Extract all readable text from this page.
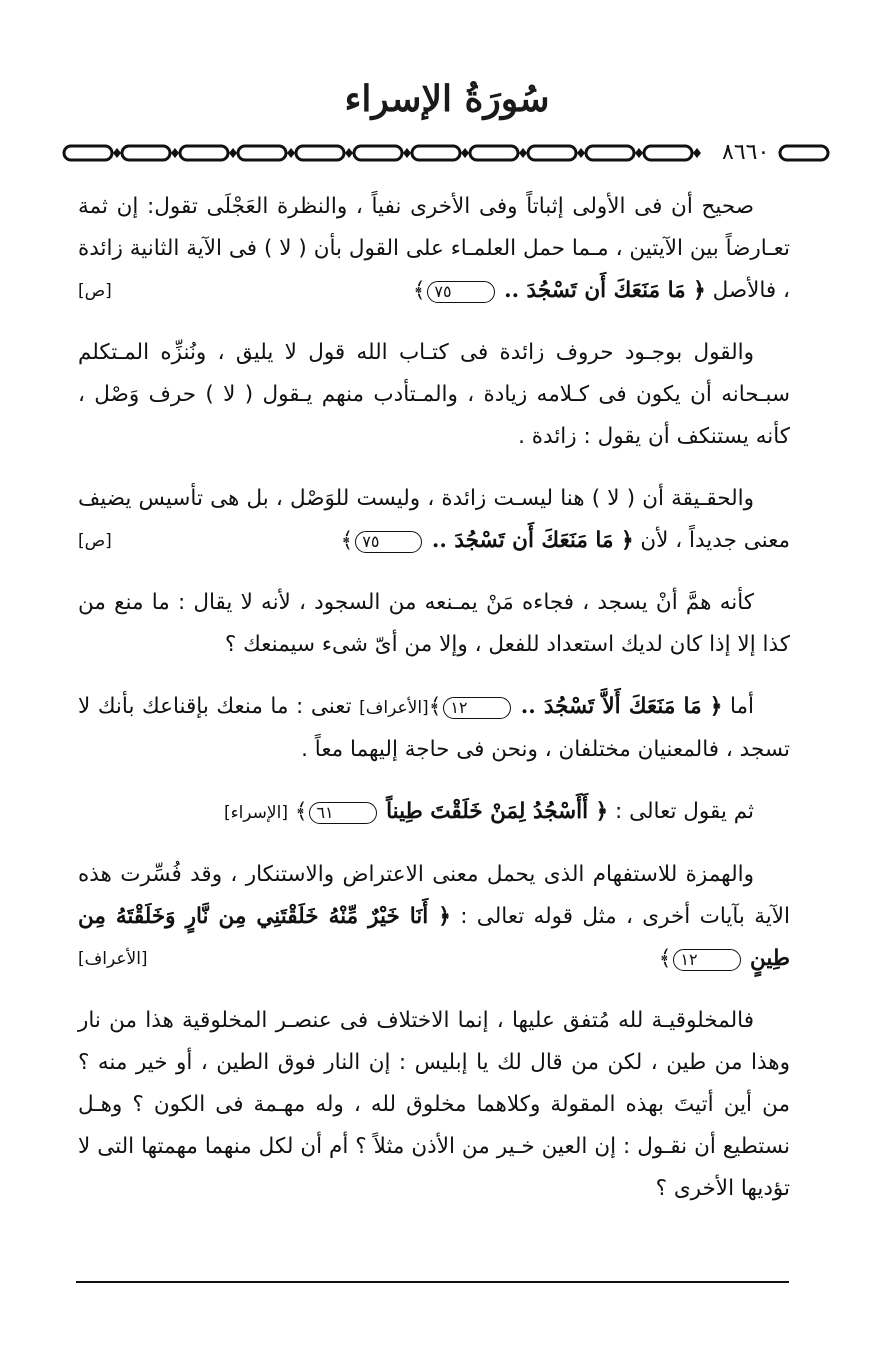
سُورَةُ الإسراء
٨٦٦٠

صحيح أن فى الأولى إثباتاً وفى الأخرى نفياً ، والنظرة العَجْلَى تقول: إن ثمة تعـارضاً بين الآيتين ، مـما حمل العلمـاء على القول بأن ( لا ) فى الآية الثانية زائدة ، فالأصل ﴿ مَا مَنَعَكَ أَن تَسْجُدَ .. ٧٥﴾
[ص]

والقول بوجـود حروف زائدة فى كتـاب الله قول لا يليق ، ونُنزِّه المـتكلم سبـحانه أن يكون فى كـلامه زيادة ، والمـتأدب منهم يـقول ( لا ) حرف وَصْل ، كأنه يستنكف أن يقول : زائدة .

والحقـيقة أن ( لا ) هنا ليسـت زائدة ، وليست للوَصْل ، بل هى تأسيس يضيف معنى جديداً ، لأن ﴿ مَا مَنَعَكَ أَن تَسْجُدَ .. ٧٥﴾
[ص]

كأنه همَّ أنْ يسجد ، فجاءه مَنْ يمـنعه من السجود ، لأنه لا يقال : ما منع من كذا إلا إذا كان لديك استعداد للفعل ، وإلا من أىّ شىء سيمنعك ؟

أما ﴿ مَا مَنَعَكَ أَلاَّ تَسْجُدَ .. ١٢﴾[الأعراف] تعنى : ما منعك بإقناعك بأنك لا تسجد ، فالمعنيان مختلفان ، ونحن فى حاجة إليهما معاً .

ثم يقول تعالى : ﴿ أَأَسْجُدُ لِمَنْ خَلَقْتَ طِيناً ٦١﴾ [الإسراء]

والهمزة للاستفهام الذى يحمل معنى الاعتراض والاستنكار ، وقد فُسِّرت هذه الآية بآيات أخرى ، مثل قوله تعالى : ﴿ أَنَا خَيْرٌ مِّنْهُ خَلَقْتَنِي مِن نَّارٍ وَخَلَقْتَهُ مِن طِينٍ ١٢﴾
[الأعراف]

فالمخلوقيـة لله مُتفق عليها ، إنما الاختلاف فى عنصـر المخلوقية هذا من نار وهذا من طين ، لكن من قال لك يا إبليس : إن النار فوق الطين ، أو خير منه ؟ من أين أتيتَ بهذه المقولة وكلاهما مخلوق لله ، وله مهـمة فى الكون ؟ وهـل نستطيع أن نقـول : إن العين خـير من الأذن مثلاً ؟ أم أن لكل منهما مهمتها التى لا تؤديها الأخرى ؟
